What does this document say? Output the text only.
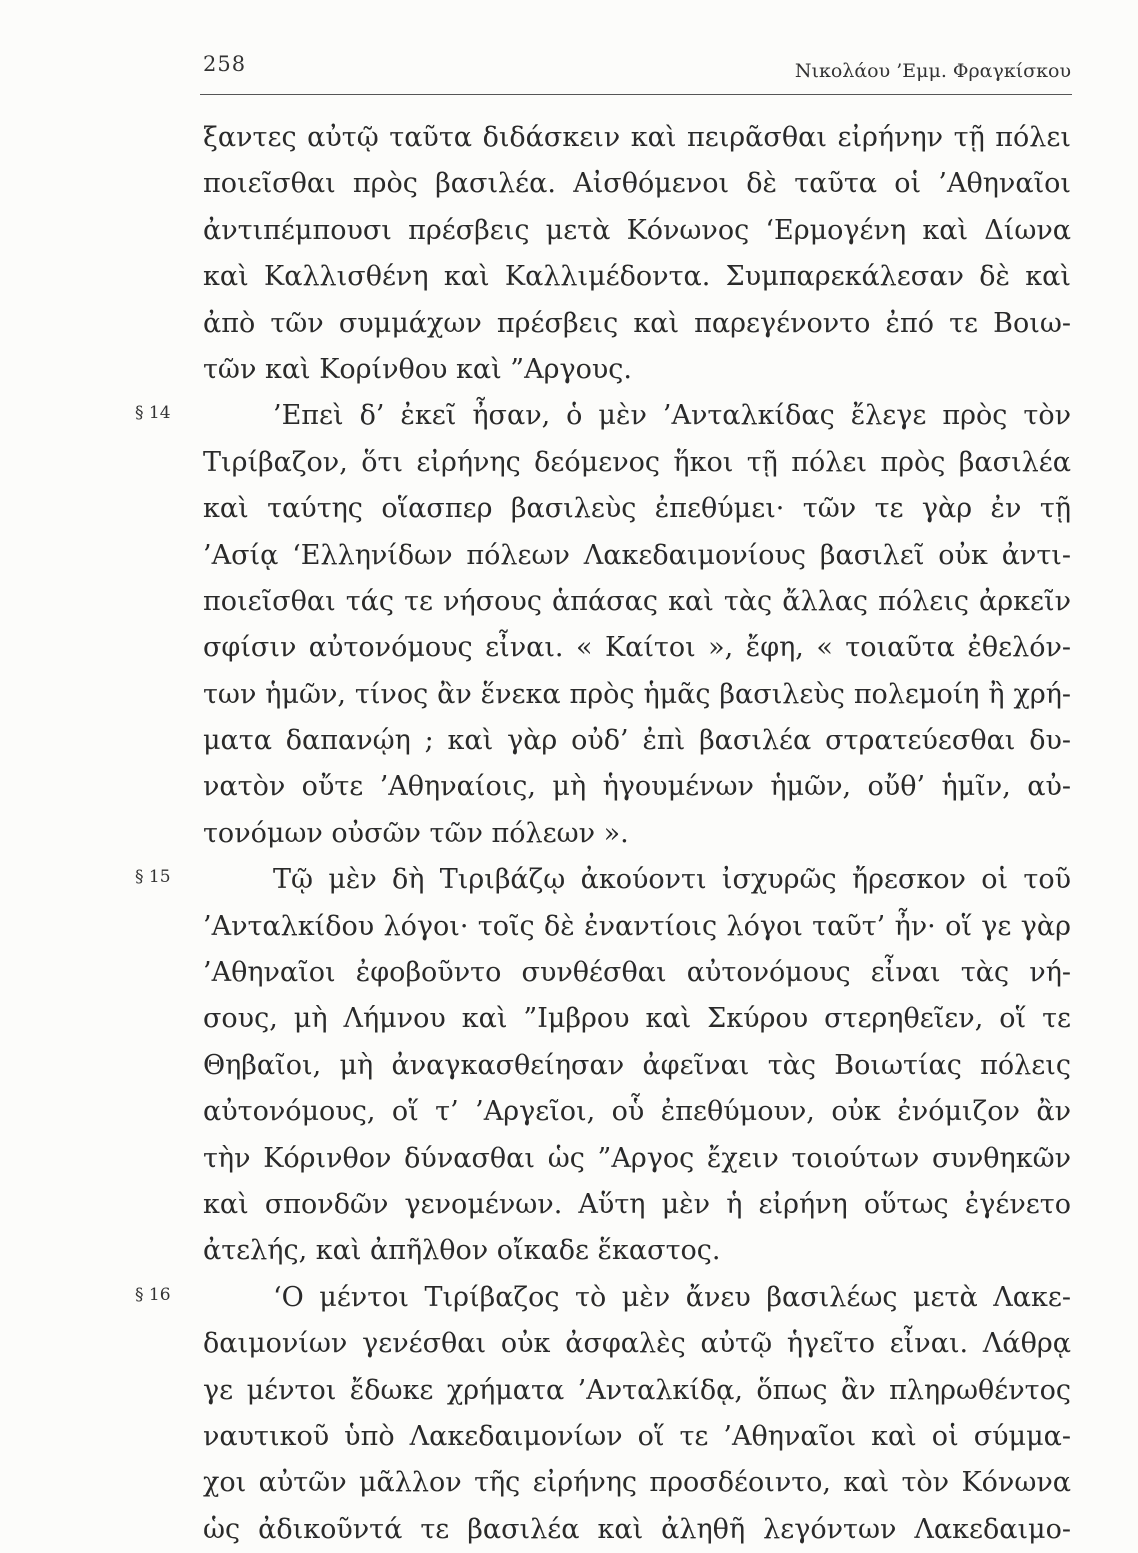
258	Νικολάου ’Εμμ. Φραγκίσκου
ξαντες αὐτῷ ταῦτα διδάσκειν καὶ πειρᾶσθαι εἰρήνην τῇ πόλει
ποιεῖσθαι πρὸς βασιλέα. Αἰσθόμενοι δὲ ταῦτα οἱ ’Αθηναῖοι
ἀντιπέμπουσι πρέσβεις μετὰ Κόνωνος ‘Ερμογένη καὶ Δίωνα
καὶ Καλλισθένη καὶ Καλλιμέδοντα. Συμπαρεκάλεσαν δὲ καὶ
ἀπὸ τῶν συμμάχων πρέσβεις καὶ παρεγένοντο ἐπό τε Βοιω-
τῶν καὶ Κορίνθου καὶ ”Αργους.
§ 14	’Επεὶ δ’ ἐκεῖ ἦσαν, ὁ μὲν ’Ανταλκίδας ἔλεγε πρὸς τὸν
Τιρίβαζον, ὅτι εἰρήνης δεόμενος ἥκοι τῇ πόλει πρὸς βασιλέα
καὶ ταύτης οἵασπερ βασιλεὺς ἐπεθύμει· τῶν τε γὰρ ἐν τῇ
’Ασίᾳ ‘Ελληνίδων πόλεων Λακεδαιμονίους βασιλεῖ οὐκ ἀντι-
ποιεῖσθαι τάς τε νήσους ἁπάσας καὶ τὰς ἄλλας πόλεις ἀρκεῖν
σφίσιν αὐτονόμους εἶναι. « Καίτοι », ἔφη, « τοιαῦτα ἐθελόν-
των ἡμῶν, τίνος ἂν ἕνεκα πρὸς ἡμᾶς βασιλεὺς πολεμοίη ἢ χρή-
ματα δαπανῴη ; καὶ γὰρ οὐδ’ ἐπὶ βασιλέα στρατεύεσθαι δυ-
νατὸν οὔτε ’Αθηναίοις, μὴ ἡγουμένων ἡμῶν, οὔθ’ ἡμῖν, αὐ-
τονόμων οὐσῶν τῶν πόλεων ».
§ 15	Τῷ μὲν δὴ Τιριβάζῳ ἀκούοντι ἰσχυρῶς ἤρεσκον οἱ τοῦ
’Ανταλκίδου λόγοι· τοῖς δὲ ἐναντίοις λόγοι ταῦτ’ ἦν· οἵ γε γὰρ
’Αθηναῖοι ἐφοβοῦντο συνθέσθαι αὐτονόμους εἶναι τὰς νή-
σους, μὴ Λήμνου καὶ ”Ιμβρου καὶ Σκύρου στερηθεῖεν, οἵ τε
Θηβαῖοι, μὴ ἀναγκασθείησαν ἀφεῖναι τὰς Βοιωτίας πόλεις
αὐτονόμους, οἵ τ’ ’Αργεῖοι, οὗ ἐπεθύμουν, οὐκ ἐνόμιζον ἂν
τὴν Κόρινθον δύνασθαι ὡς ”Αργος ἔχειν τοιούτων συνθηκῶν
καὶ σπονδῶν γενομένων. Αὕτη μὲν ἡ εἰρήνη οὕτως ἐγένετο
ἀτελής, καὶ ἀπῆλθον οἴκαδε ἕκαστος.
§ 16	‘Ο μέντοι Τιρίβαζος τὸ μὲν ἄνευ βασιλέως μετὰ Λακε-
δαιμονίων γενέσθαι οὐκ ἀσφαλὲς αὐτῷ ἡγεῖτο εἶναι. Λάθρᾳ
γε μέντοι ἔδωκε χρήματα ’Ανταλκίδᾳ, ὅπως ἂν πληρωθέντος
ναυτικοῦ ὑπὸ Λακεδαιμονίων οἵ τε ’Αθηναῖοι καὶ οἱ σύμμα-
χοι αὐτῶν μᾶλλον τῆς εἰρήνης προσδέοιντο, καὶ τὸν Κόνωνα
ὡς ἀδικοῦντά τε βασιλέα καὶ ἀληθῆ λεγόντων Λακεδαιμο-
